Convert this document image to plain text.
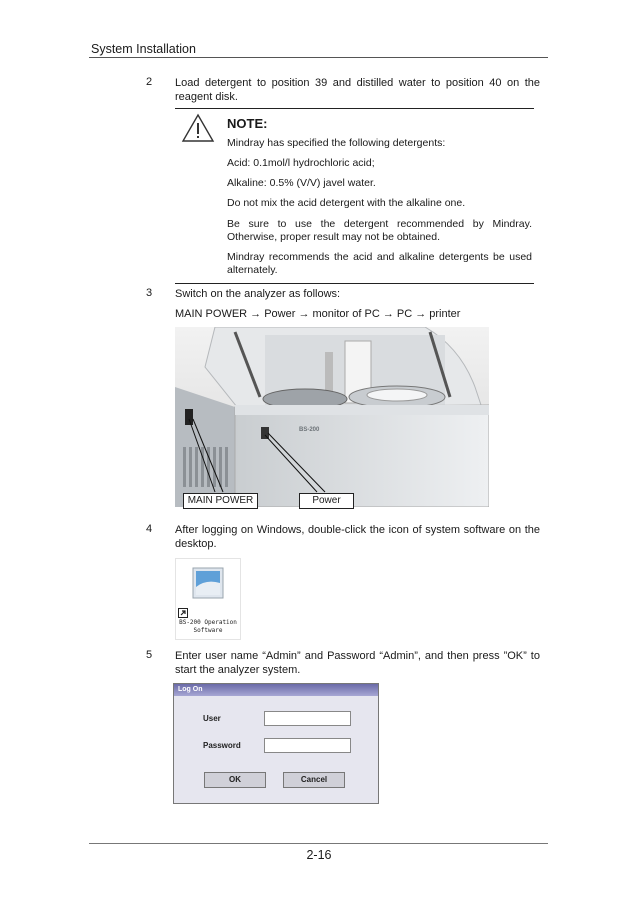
System Installation
2 Load detergent to position 39 and distilled water to position 40 on the reagent disk.
NOTE:
Mindray has specified the following detergents:
Acid: 0.1mol/l hydrochloric acid;
Alkaline: 0.5% (V/V) javel water.
Do not mix the acid detergent with the alkaline one.
Be sure to use the detergent recommended by Mindray. Otherwise, proper result may not be obtained.
Mindray recommends the acid and alkaline detergents be used alternately.
3 Switch on the analyzer as follows:
MAIN POWER → Power → monitor of PC → PC → printer
BS-200
MAIN POWER	Power
4 After logging on Windows, double-click the icon of system software on the desktop.
BS-200 Operation
Software
5 Enter user name “Admin” and Password “Admin”, and then press ”OK” to start the analyzer system.
Log On
User
Password
OK	Cancel
2-16
